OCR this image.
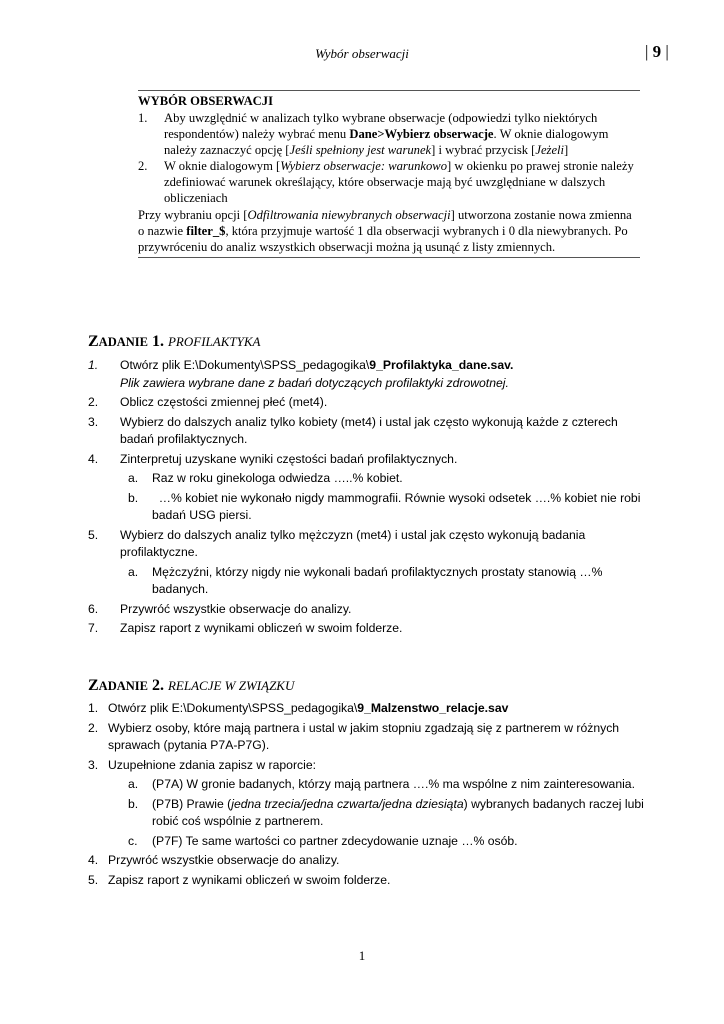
Wybór obserwacji	| 9 |
WYBÓR OBSERWACJI
1.	Aby uwzględnić w analizach tylko wybrane obserwacje (odpowiedzi tylko niektórych respondentów) należy wybrać menu Dane>Wybierz obserwacje. W oknie dialogowym należy zaznaczyć opcję [Jeśli spełniony jest warunek] i wybrać przycisk [Jeżeli]
2.	W oknie dialogowym [Wybierz obserwacje: warunkowo] w okienku po prawej stronie należy zdefiniować warunek określający, które obserwacje mają być uwzględniane w dalszych obliczeniach
Przy wybraniu opcji [Odfiltrowania niewybranych obserwacji] utworzona zostanie nowa zmienna o nazwie filter_$, która przyjmuje wartość 1 dla obserwacji wybranych i 0 dla niewybranych. Po przywróceniu do analiz wszystkich obserwacji można ją usunąć z listy zmiennych.
ZADANIE 1. PROFILAKTYKA
1.	Otwórz plik E:\Dokumenty\SPSS_pedagogika\9_Profilaktyka_dane.sav.
Plik zawiera wybrane dane z badań dotyczących profilaktyki zdrowotnej.
2.	Oblicz częstości zmiennej płeć (met4).
3.	Wybierz do dalszych analiz tylko kobiety (met4) i ustal jak często wykonują każde z czterech badań profilaktycznych.
4.	Zinterpretuj uzyskane wyniki częstości badań profilaktycznych.
a.	Raz w roku ginekologa odwiedza …..% kobiet.
b.	…% kobiet nie wykonało nigdy mammografii. Równie wysoki odsetek ….% kobiet nie robi badań USG piersi.
5.	Wybierz do dalszych analiz tylko mężczyzn (met4) i ustal jak często wykonują badania profilaktyczne.
a.	Mężczyźni, którzy nigdy nie wykonali badań profilaktycznych prostaty stanowią …% badanych.
6.	Przywróć wszystkie obserwacje do analizy.
7.	Zapisz raport z wynikami obliczeń w swoim folderze.
ZADANIE 2. RELACJE W ZWIĄZKU
1. Otwórz plik E:\Dokumenty\SPSS_pedagogika\9_Malzenstwo_relacje.sav
2. Wybierz osoby, które mają partnera i ustal w jakim stopniu zgadzają się z partnerem w różnych sprawach (pytania P7A-P7G).
3. Uzupełnione zdania zapisz w raporcie:
a.	(P7A) W gronie badanych, którzy mają partnera ….% ma wspólne z nim zainteresowania.
b.	(P7B) Prawie (jedna trzecia/jedna czwarta/jedna dziesiąta) wybranych badanych raczej lubi robić coś wspólnie z partnerem.
c.	(P7F) Te same wartości co partner zdecydowanie uznaje …% osób.
4. Przywróć wszystkie obserwacje do analizy.
5. Zapisz raport z wynikami obliczeń w swoim folderze.
1
